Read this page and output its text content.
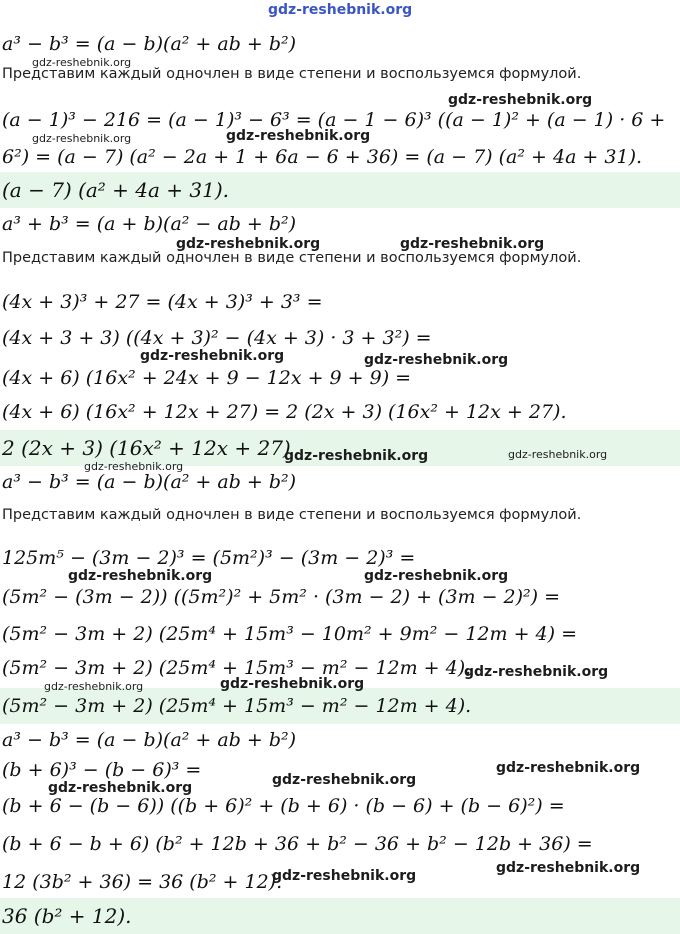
gdz-reshebnik.org
a³ − b³ = (a − b)(a² + ab + b²)
Представим каждый одночлен в виде степени и воспользуемся формулой.
(a − 1)³ − 216 = (a − 1)³ − 6³ = (a − 1 − 6)³ ((a − 1)² + (a − 1) · 6 +
6²) = (a − 7) (a² − 2a + 1 + 6a − 6 + 36) = (a − 7) (a² + 4a + 31).
(a − 7) (a² + 4a + 31).
a³ + b³ = (a + b)(a² − ab + b²)
Представим каждый одночлен в виде степени и воспользуемся формулой.
(4x + 3)³ + 27 = (4x + 3)³ + 3³ =
(4x + 3 + 3) ((4x + 3)² − (4x + 3) · 3 + 3²) =
(4x + 6) (16x² + 24x + 9 − 12x + 9 + 9) =
(4x + 6) (16x² + 12x + 27) = 2 (2x + 3) (16x² + 12x + 27).
2 (2x + 3) (16x² + 12x + 27)
a³ − b³ = (a − b)(a² + ab + b²)
Представим каждый одночлен в виде степени и воспользуемся формулой.
125m⁵ − (3m − 2)³ = (5m²)³ − (3m − 2)³ =
(5m² − (3m − 2)) ((5m²)² + 5m² · (3m − 2) + (3m − 2)²) =
(5m² − 3m + 2) (25m⁴ + 15m³ − 10m² + 9m² − 12m + 4) =
(5m² − 3m + 2) (25m⁴ + 15m³ − m² − 12m + 4).
(5m² − 3m + 2) (25m⁴ + 15m³ − m² − 12m + 4).
a³ − b³ = (a − b)(a² + ab + b²)
(b + 6)³ − (b − 6)³ =
(b + 6 − (b − 6)) ((b + 6)² + (b + 6) · (b − 6) + (b − 6)²) =
(b + 6 − b + 6) (b² + 12b + 36 + b² − 36 + b² − 12b + 36) =
12 (3b² + 36) = 36 (b² + 12).
36 (b² + 12).
gdz-reshebnik.org
gdz-reshebnik.org
gdz-reshebnik.org	gdz-reshebnik.org
gdz-reshebnik.org	gdz-reshebnik.org
gdz-reshebnik.org	gdz-reshebnik.org
gdz-reshebnik.org	gdz-reshebnik.org
gdz-reshebnik.org
gdz-reshebnik.org	gdz-reshebnik.org
gdz-reshebnik.org
gdz-reshebnik.org	gdz-reshebnik.org
gdz-reshebnik.org
gdz-reshebnik.org
gdz-reshebnik.org
gdz-reshebnik.org	gdz-reshebnik.org
